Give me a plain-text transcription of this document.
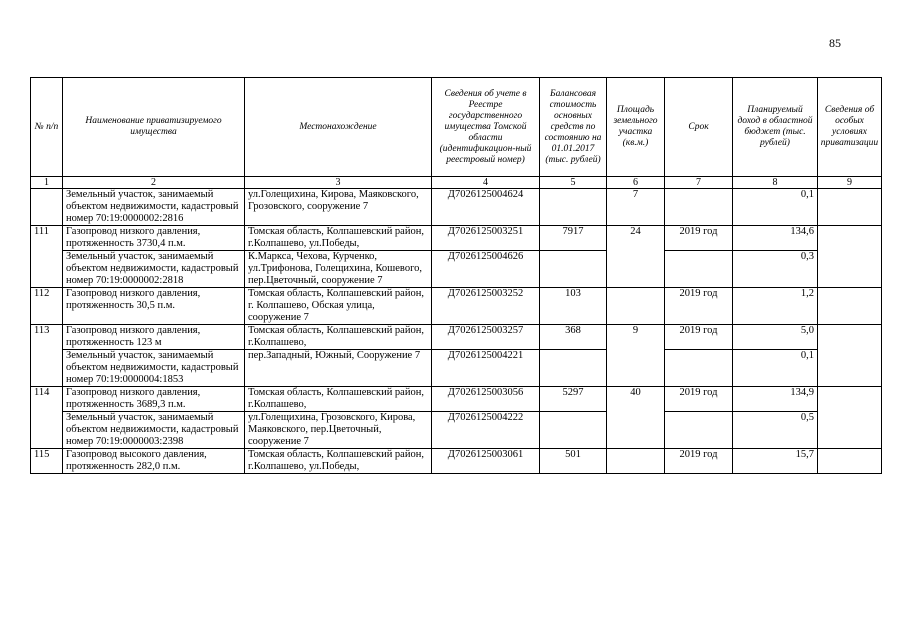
85
№ п/п	Наименование приватизируемого имущества	Местонахождение	Сведения об учете в Реестре государственного имущества Томской области (идентификацион-ный реестровый номер)	Балансовая стоимость основных средств по состоянию на 01.01.2017 (тыс. рублей)	Площадь земельного участка (кв.м.)	Срок	Планируемый доход в областной бюджет (тыс. рублей)	Сведения об особых условиях приватизации
1	2	3	4	5	6	7	8	9
	Земельный участок, занимаемый объектом недвижимости, кадастровый номер 70:19:0000002:2816	ул.Голещихина, Кирова, Маяковского, Грозовского, сооружение 7	Д7026125004624		7		0,1	
111	Газопровод низкого давления, протяженность 3730,4 п.м.	Томская область, Колпашевский район, г.Колпашево, ул.Победы,	Д7026125003251	7917	24	2019 год	134,6	
	Земельный участок, занимаемый объектом недвижимости, кадастровый номер 70:19:0000002:2818	К.Маркса, Чехова, Курченко, ул.Трифонова, Голещихина, Кошевого, пер.Цветочный, сооружение 7	Д7026125004626				0,3	
112	Газопровод низкого давления, протяженность 30,5 п.м.	Томская область, Колпашевский район, г. Колпашево, Обская улица, сооружение 7	Д7026125003252	103		2019 год	1,2	
113	Газопровод низкого давления, протяженность 123 м	Томская область, Колпашевский район, г.Колпашево,	Д7026125003257	368	9	2019 год	5,0	
	Земельный участок, занимаемый объектом недвижимости, кадастровый номер 70:19:0000004:1853	пер.Западный, Южный, Сооружение 7	Д7026125004221				0,1	
114	Газопровод низкого давления, протяженность 3689,3 п.м.	Томская область, Колпашевский район, г.Колпашево,	Д7026125003056	5297	40	2019 год	134,9	
	Земельный участок, занимаемый объектом недвижимости, кадастровый номер 70:19:0000003:2398	ул.Голещихина, Грозовского, Кирова, Маяковского, пер.Цветочный, сооружение 7	Д7026125004222				0,5	
115	Газопровод высокого давления, протяженность 282,0 п.м.	Томская область, Колпашевский район, г.Колпашево, ул.Победы,	Д7026125003061	501		2019 год	15,7	
